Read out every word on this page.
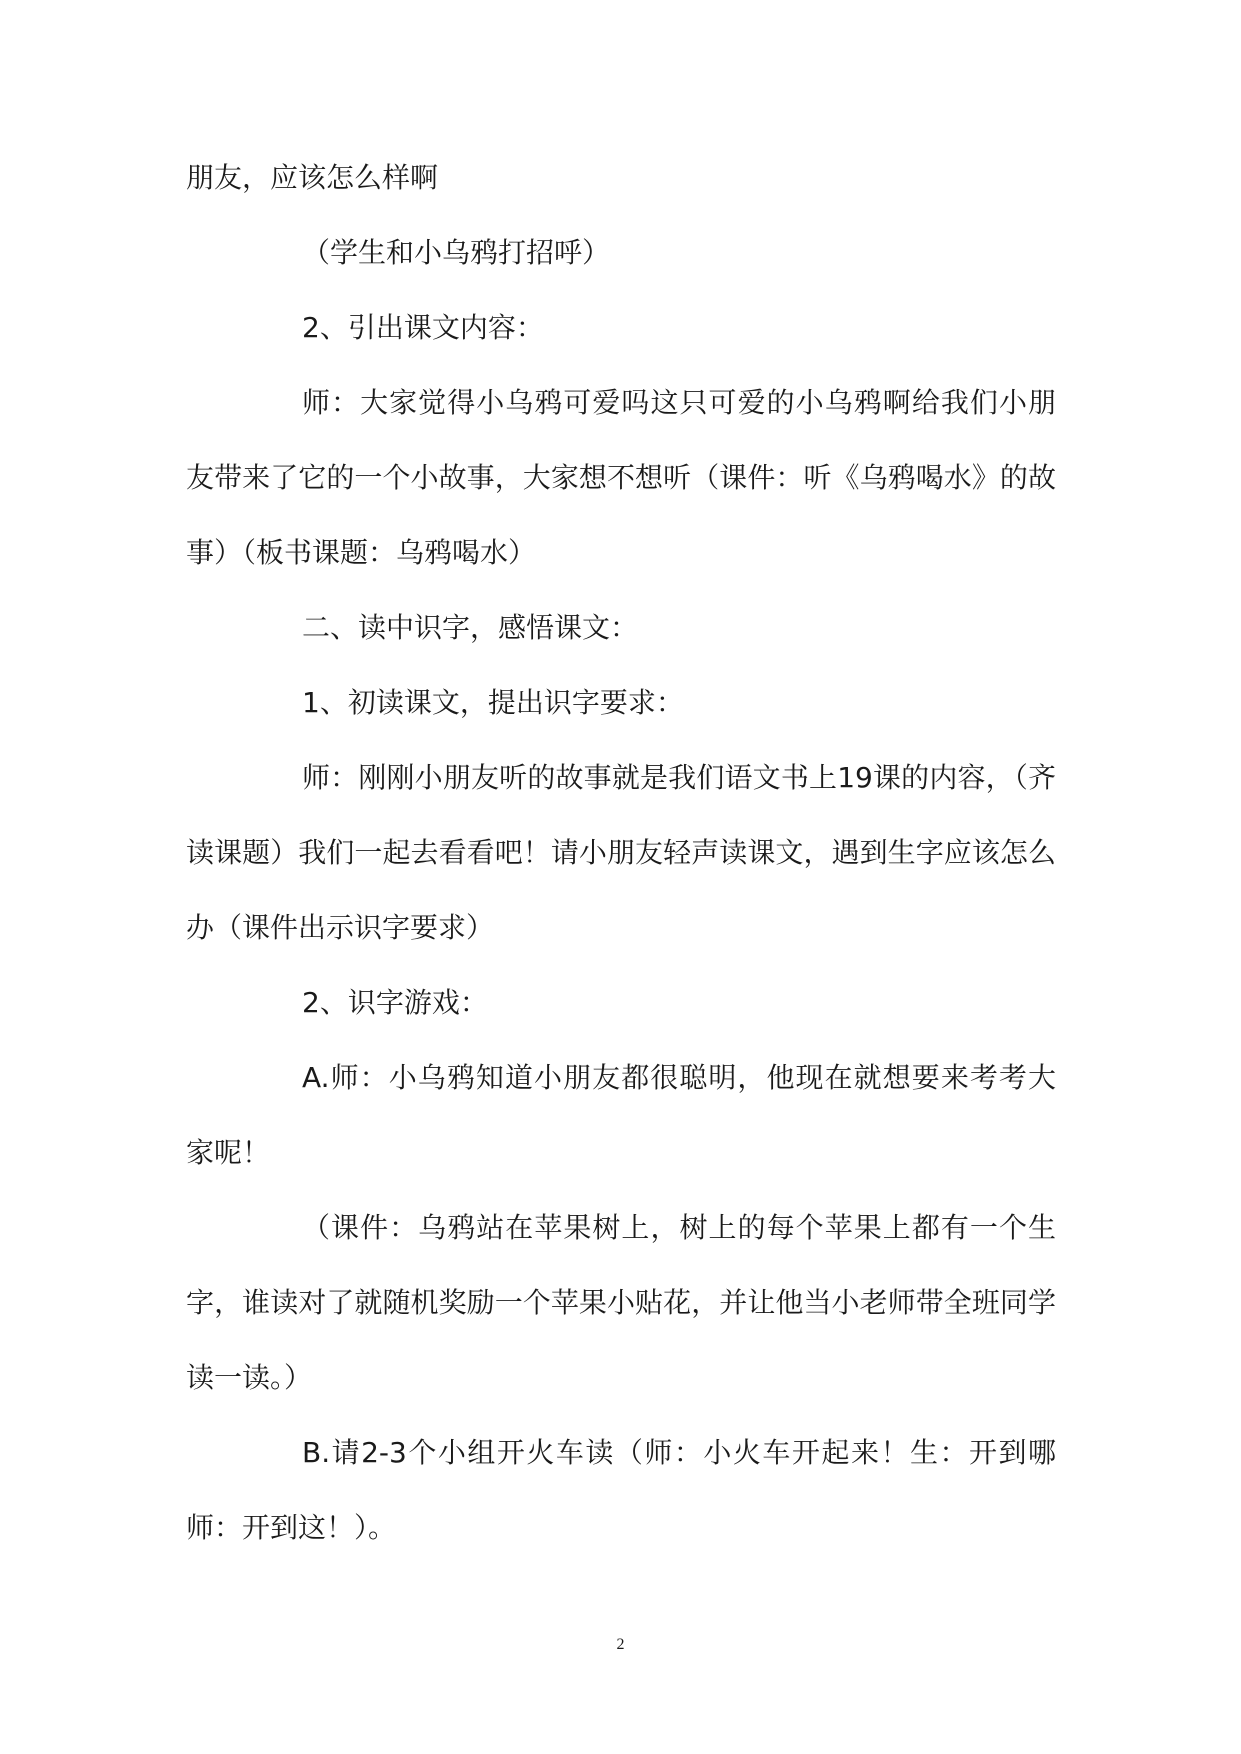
朋友，应该怎么样啊

（学生和小乌鸦打招呼）

2、引出课文内容：

师：大家觉得小乌鸦可爱吗这只可爱的小乌鸦啊给我们小朋友带来了它的一个小故事，大家想不想听（课件：听《乌鸦喝水》的故事）（板书课题：乌鸦喝水）

二、读中识字，感悟课文：

1、初读课文，提出识字要求：

师：刚刚小朋友听的故事就是我们语文书上19课的内容，（齐读课题）我们一起去看看吧！请小朋友轻声读课文，遇到生字应该怎么办（课件出示识字要求）

2、识字游戏：

A.师：小乌鸦知道小朋友都很聪明，他现在就想要来考考大家呢！

（课件：乌鸦站在苹果树上，树上的每个苹果上都有一个生字，谁读对了就随机奖励一个苹果小贴花，并让他当小老师带全班同学读一读。）

B.请2-3个小组开火车读（师：小火车开起来！生：开到哪师：开到这！）。

2
